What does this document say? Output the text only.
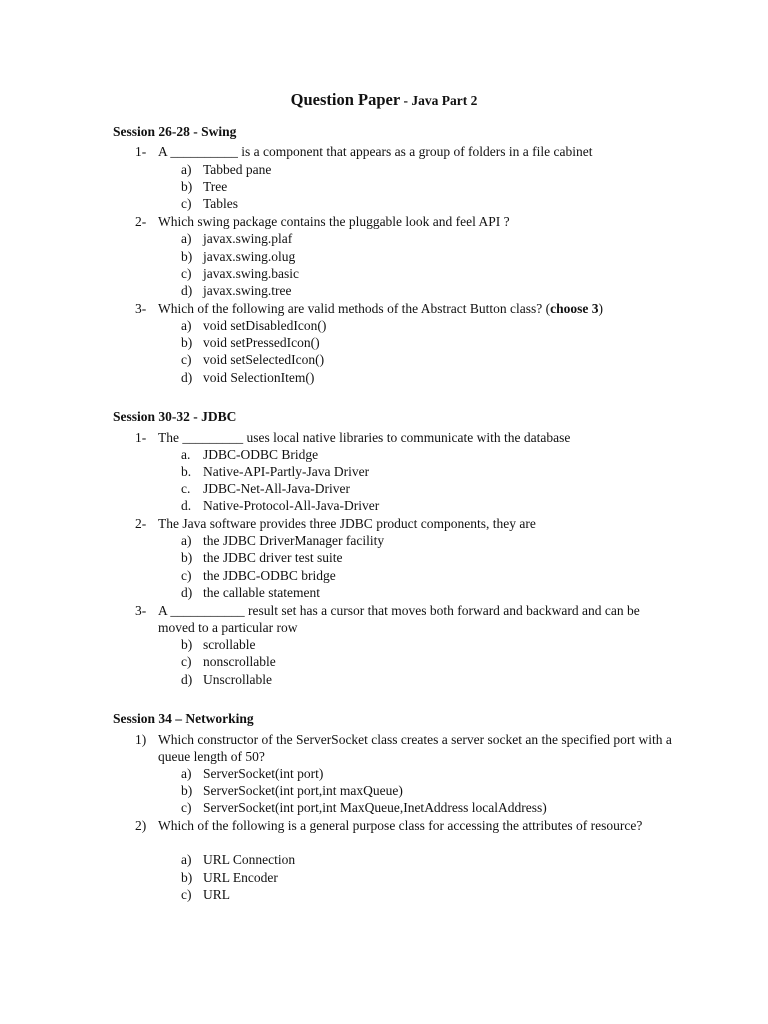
Question Paper - Java Part 2
Session 26-28 - Swing
1- A __________ is a component that appears as a group of folders in a file cabinet
a) Tabbed pane
b) Tree
c) Tables
2- Which swing package contains the pluggable look and feel API ?
a) javax.swing.plaf
b) javax.swing.olug
c) javax.swing.basic
d) javax.swing.tree
3- Which of the following are valid methods of the Abstract Button class? (choose 3)
a) void setDisabledIcon()
b) void setPressedIcon()
c) void setSelectedIcon()
d) void SelectionItem()
Session 30-32 - JDBC
1- The _________ uses local native libraries to communicate with the database
a. JDBC-ODBC Bridge
b. Native-API-Partly-Java Driver
c. JDBC-Net-All-Java-Driver
d. Native-Protocol-All-Java-Driver
2- The Java software provides three JDBC product components, they are
a) the JDBC DriverManager facility
b) the JDBC driver test suite
c) the JDBC-ODBC bridge
d) the callable statement
3- A ___________ result set has a cursor that moves both forward and backward and can be moved to a particular row
b) scrollable
c) nonscrollable
d) Unscrollable
Session 34 – Networking
1) Which constructor of the ServerSocket class creates a server socket an the specified port with a queue length of 50?
a) ServerSocket(int port)
b) ServerSocket(int port,int maxQueue)
c) ServerSocket(int port,int MaxQueue,InetAddress localAddress)
2) Which of the following is a general purpose class for accessing the attributes of resource?
a) URL Connection
b) URL Encoder
c) URL
